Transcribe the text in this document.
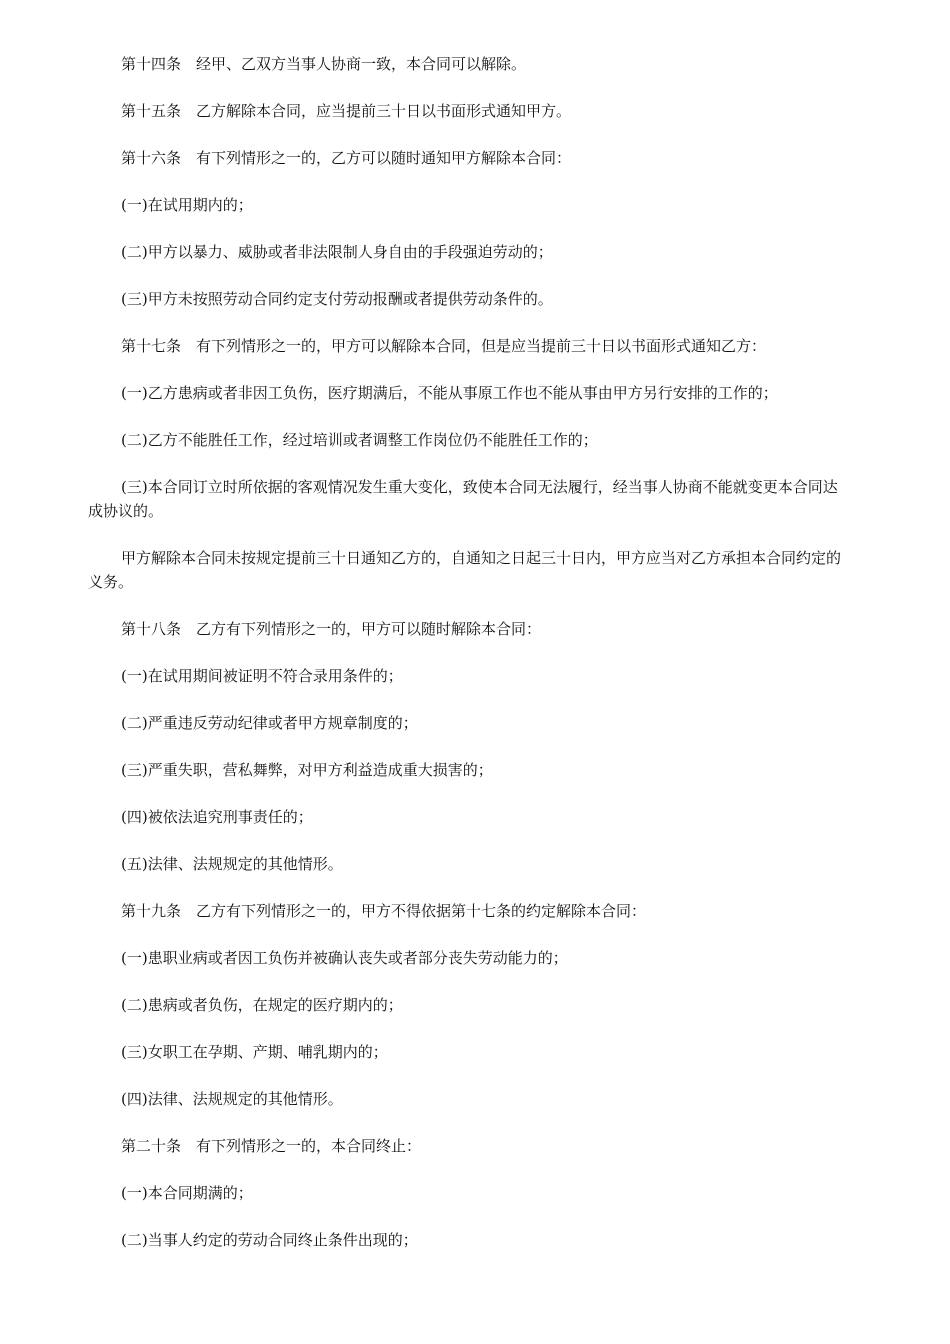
第十四条　经甲、乙双方当事人协商一致，本合同可以解除。

第十五条　乙方解除本合同，应当提前三十日以书面形式通知甲方。

第十六条　有下列情形之一的，乙方可以随时通知甲方解除本合同：

(一)在试用期内的；

(二)甲方以暴力、威胁或者非法限制人身自由的手段强迫劳动的；

(三)甲方未按照劳动合同约定支付劳动报酬或者提供劳动条件的。

第十七条　有下列情形之一的，甲方可以解除本合同，但是应当提前三十日以书面形式通知乙方：

(一)乙方患病或者非因工负伤，医疗期满后，不能从事原工作也不能从事由甲方另行安排的工作的；

(二)乙方不能胜任工作，经过培训或者调整工作岗位仍不能胜任工作的；

(三)本合同订立时所依据的客观情况发生重大变化，致使本合同无法履行，经当事人协商不能就变更本合同达成协议的。

甲方解除本合同未按规定提前三十日通知乙方的，自通知之日起三十日内，甲方应当对乙方承担本合同约定的义务。

第十八条　乙方有下列情形之一的，甲方可以随时解除本合同：

(一)在试用期间被证明不符合录用条件的；

(二)严重违反劳动纪律或者甲方规章制度的；

(三)严重失职，营私舞弊，对甲方利益造成重大损害的；

(四)被依法追究刑事责任的；

(五)法律、法规规定的其他情形。

第十九条　乙方有下列情形之一的，甲方不得依据第十七条的约定解除本合同：

(一)患职业病或者因工负伤并被确认丧失或者部分丧失劳动能力的；

(二)患病或者负伤，在规定的医疗期内的；

(三)女职工在孕期、产期、哺乳期内的；

(四)法律、法规规定的其他情形。

第二十条　有下列情形之一的，本合同终止：

(一)本合同期满的；

(二)当事人约定的劳动合同终止条件出现的；
